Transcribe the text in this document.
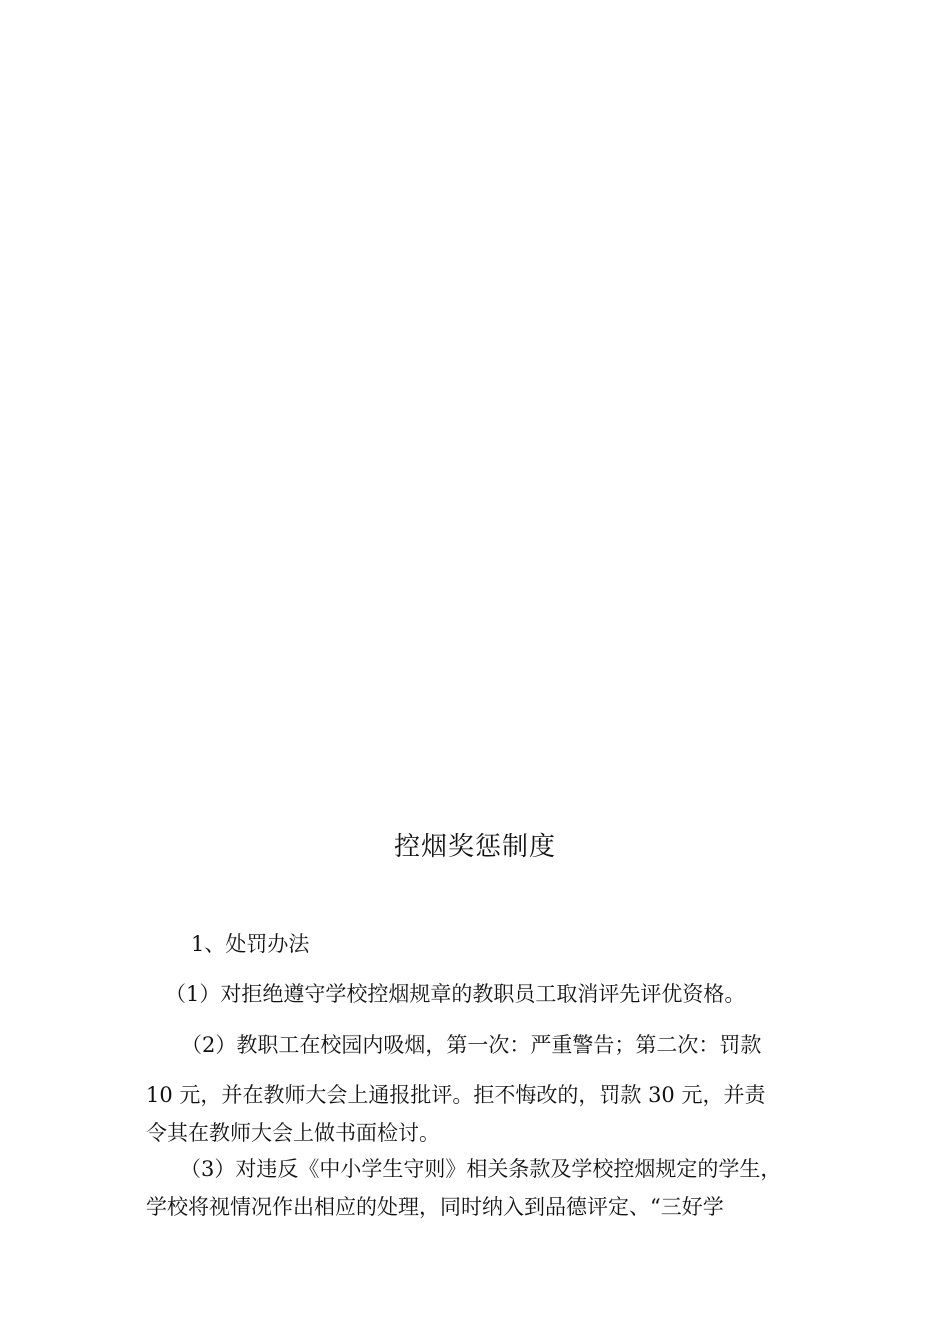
控烟奖惩制度
1、处罚办法
（1）对拒绝遵守学校控烟规章的教职员工取消评先评优资格。
（2）教职工在校园内吸烟，第一次：严重警告；第二次：罚款
10 元，并在教师大会上通报批评。拒不悔改的，罚款 30 元，并责
令其在教师大会上做书面检讨。
（3）对违反《中小学生守则》相关条款及学校控烟规定的学生，
学校将视情况作出相应的处理，同时纳入到品德评定、“三好学
